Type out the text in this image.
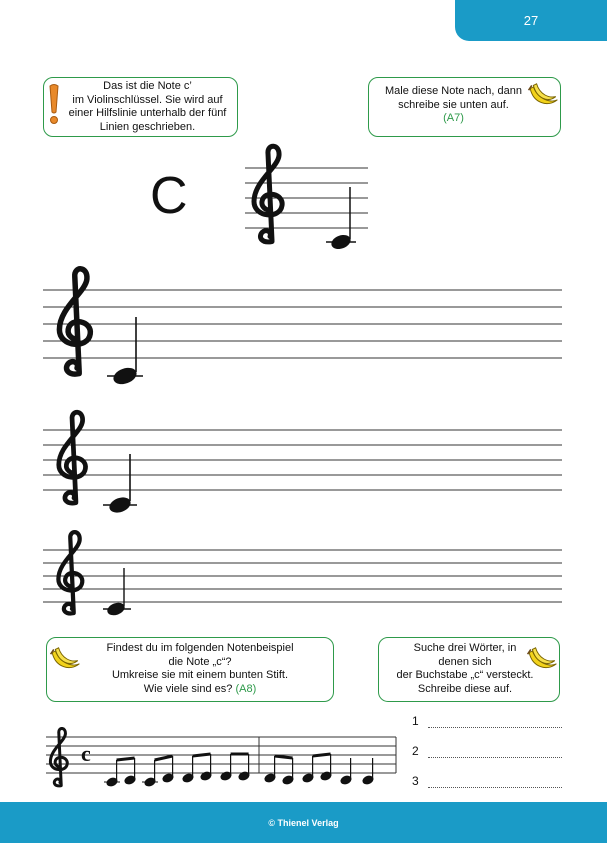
27
Das ist die Note c’
im Violinschlüssel. Sie wird auf
einer Hilfslinie unterhalb der fünf
Linien geschrieben.
Male diese Note nach, dann
schreibe sie unten auf.
(A7)
C
Findest du im folgenden Notenbeispiel
die Note „c“?
Umkreise sie mit einem bunten Stift.
Wie viele sind es? (A8)
Suche drei Wörter, in
denen sich
der Buchstabe „c“ versteckt.
Schreibe diese auf.
c
1
2
3
© Thienel Verlag
